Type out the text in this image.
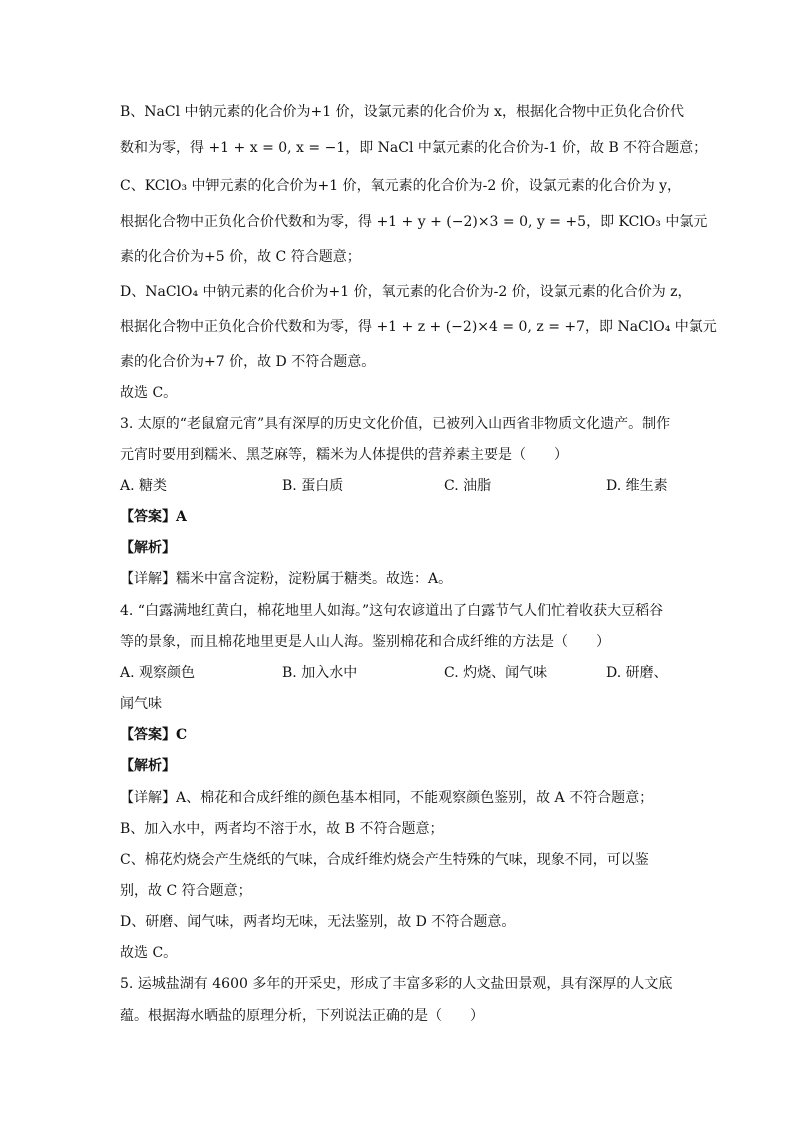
B、NaCl 中钠元素的化合价为+1 价，设氯元素的化合价为 x，根据化合物中正负化合价代
数和为零，得 +1 + x = 0, x = −1，即 NaCl 中氯元素的化合价为-1 价，故 B 不符合题意；
C、KClO₃ 中钾元素的化合价为+1 价，氧元素的化合价为-2 价，设氯元素的化合价为 y，
根据化合物中正负化合价代数和为零，得 +1 + y + (−2)×3 = 0, y = +5，即 KClO₃ 中氯元
素的化合价为+5 价，故 C 符合题意；
D、NaClO₄ 中钠元素的化合价为+1 价，氧元素的化合价为-2 价，设氯元素的化合价为 z，
根据化合物中正负化合价代数和为零，得 +1 + z + (−2)×4 = 0, z = +7，即 NaClO₄ 中氯元
素的化合价为+7 价，故 D 不符合题意。
故选 C。
3. 太原的“老鼠窟元宵”具有深厚的历史文化价值，已被列入山西省非物质文化遗产。制作
元宵时要用到糯米、黑芝麻等，糯米为人体提供的营养素主要是（　　）
A. 糖类	B. 蛋白质	C. 油脂	D. 维生素
【答案】A
【解析】
【详解】糯米中富含淀粉，淀粉属于糖类。故选：A。
4. “白露满地红黄白，棉花地里人如海。”这句农谚道出了白露节气人们忙着收获大豆稻谷
等的景象，而且棉花地里更是人山人海。鉴别棉花和合成纤维的方法是（　　）
A. 观察颜色	B. 加入水中	C. 灼烧、闻气味	D. 研磨、
闻气味
【答案】C
【解析】
【详解】A、棉花和合成纤维的颜色基本相同，不能观察颜色鉴别，故 A 不符合题意；
B、加入水中，两者均不溶于水，故 B 不符合题意；
C、棉花灼烧会产生烧纸的气味，合成纤维灼烧会产生特殊的气味，现象不同，可以鉴
别，故 C 符合题意；
D、研磨、闻气味，两者均无味，无法鉴别，故 D 不符合题意。
故选 C。
5. 运城盐湖有 4600 多年的开采史，形成了丰富多彩的人文盐田景观，具有深厚的人文底
蕴。根据海水晒盐的原理分析，下列说法正确的是（　　）
